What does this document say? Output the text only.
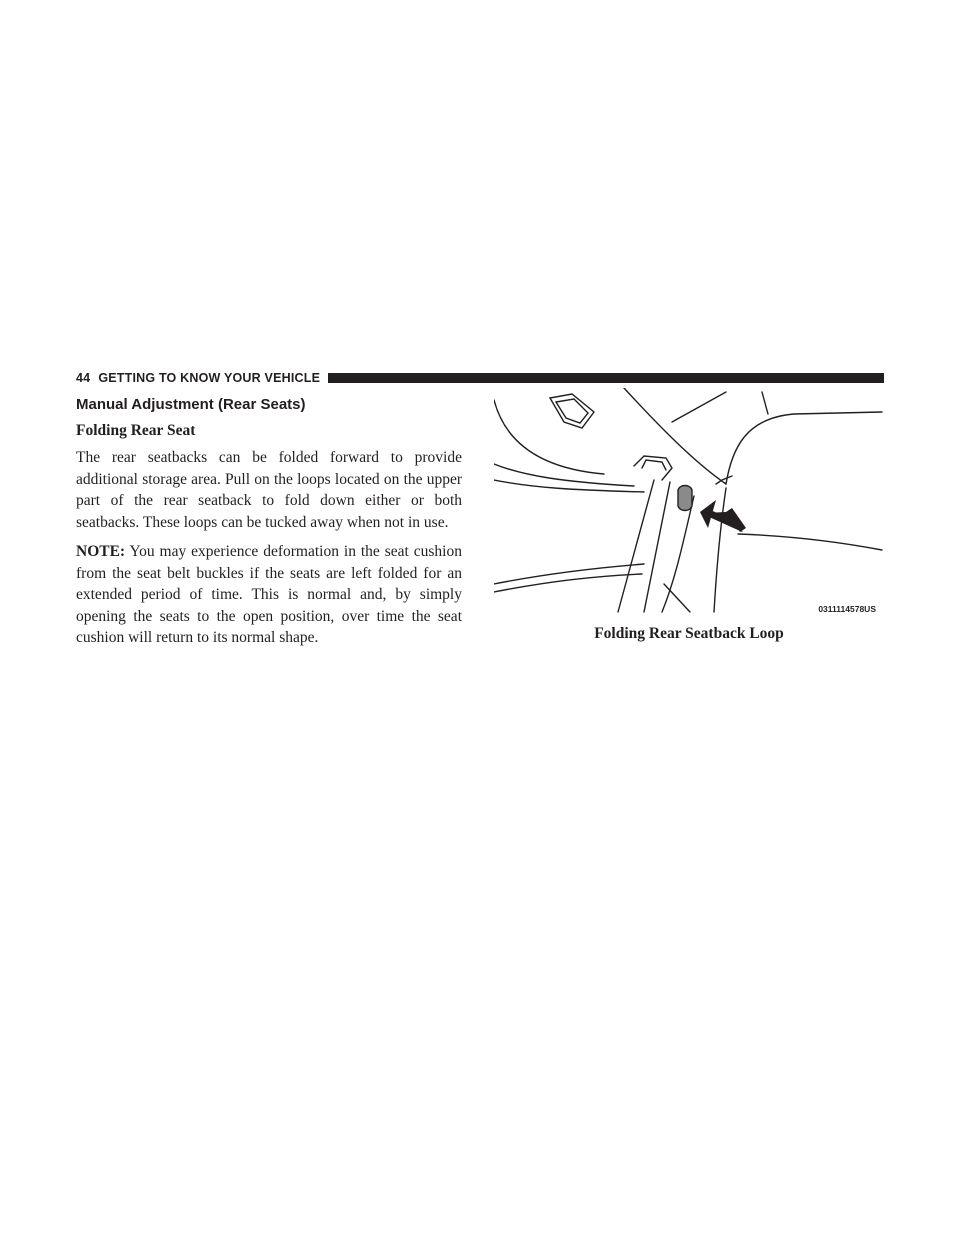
44 GETTING TO KNOW YOUR VEHICLE
Manual Adjustment (Rear Seats)
Folding Rear Seat

The rear seatbacks can be folded forward to provide additional storage area. Pull on the loops located on the upper part of the rear seatback to fold down either or both seatbacks. These loops can be tucked away when not in use.

NOTE: You may experience deformation in the seat cushion from the seat belt buckles if the seats are left folded for an extended period of time. This is normal and, by simply opening the seats to the open position, over time the seat cushion will return to its normal shape.

0311114578US
Folding Rear Seatback Loop
